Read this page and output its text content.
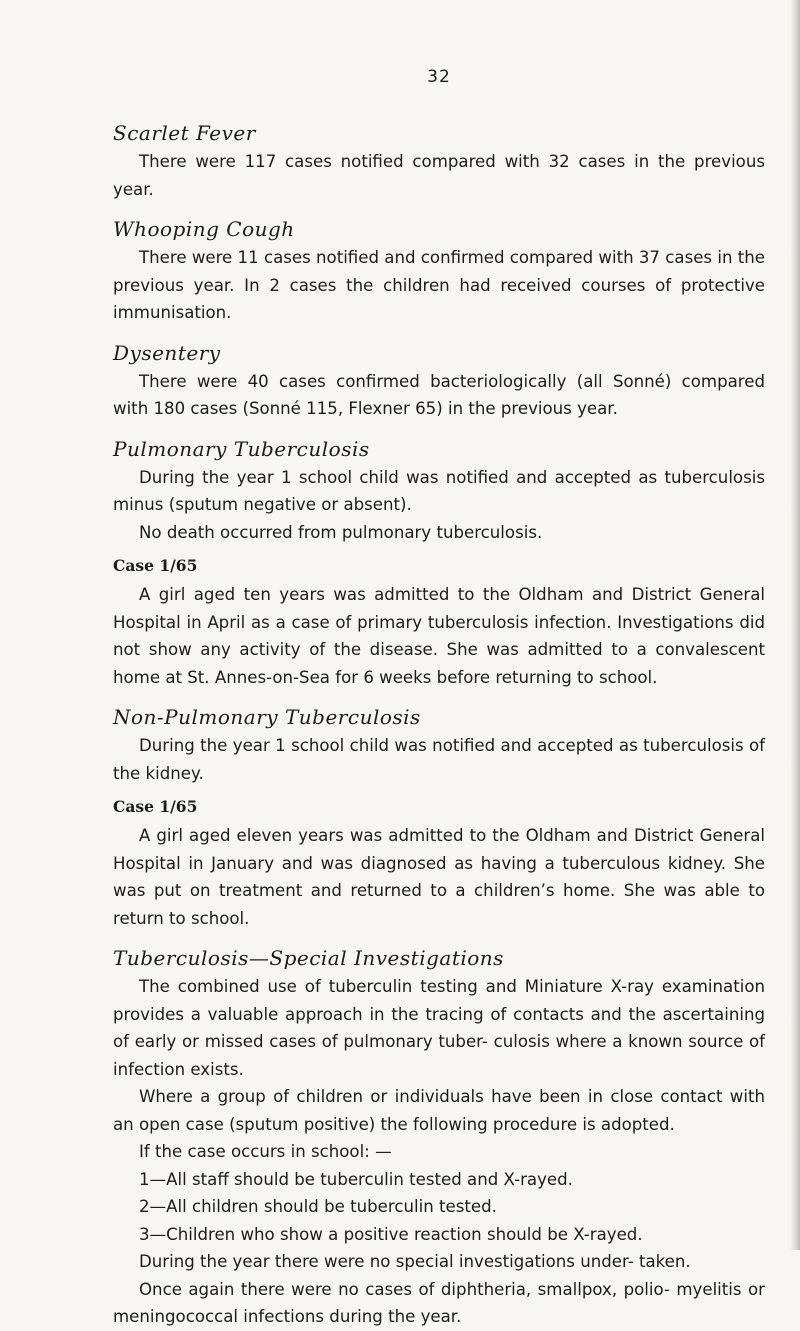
32
Scarlet Fever

There were 117 cases notified compared with 32 cases in the previous year.

Whooping Cough

There were 11 cases notified and confirmed compared with 37 cases in the previous year. In 2 cases the children had received courses of protective immunisation.

Dysentery

There were 40 cases confirmed bacteriologically (all Sonné) compared with 180 cases (Sonné 115, Flexner 65) in the previous year.

Pulmonary Tuberculosis

During the year 1 school child was notified and accepted as tuberculosis minus (sputum negative or absent).

No death occurred from pulmonary tuberculosis.

Case 1/65

A girl aged ten years was admitted to the Oldham and District General Hospital in April as a case of primary tuberculosis infection. Investigations did not show any activity of the disease. She was admitted to a convalescent home at St. Annes-on-Sea for 6 weeks before returning to school.

Non-Pulmonary Tuberculosis

During the year 1 school child was notified and accepted as tuberculosis of the kidney.

Case 1/65

A girl aged eleven years was admitted to the Oldham and District General Hospital in January and was diagnosed as having a tuberculous kidney. She was put on treatment and returned to a children’s home. She was able to return to school.

Tuberculosis—Special Investigations

The combined use of tuberculin testing and Miniature X-ray examination provides a valuable approach in the tracing of contacts and the ascertaining of early or missed cases of pulmonary tuber- culosis where a known source of infection exists.

Where a group of children or individuals have been in close contact with an open case (sputum positive) the following procedure is adopted.

If the case occurs in school: —

1—All staff should be tuberculin tested and X-rayed.
2—All children should be tuberculin tested.
3—Children who show a positive reaction should be X-rayed.

During the year there were no special investigations under- taken.

Once again there were no cases of diphtheria, smallpox, polio- myelitis or meningococcal infections during the year.
